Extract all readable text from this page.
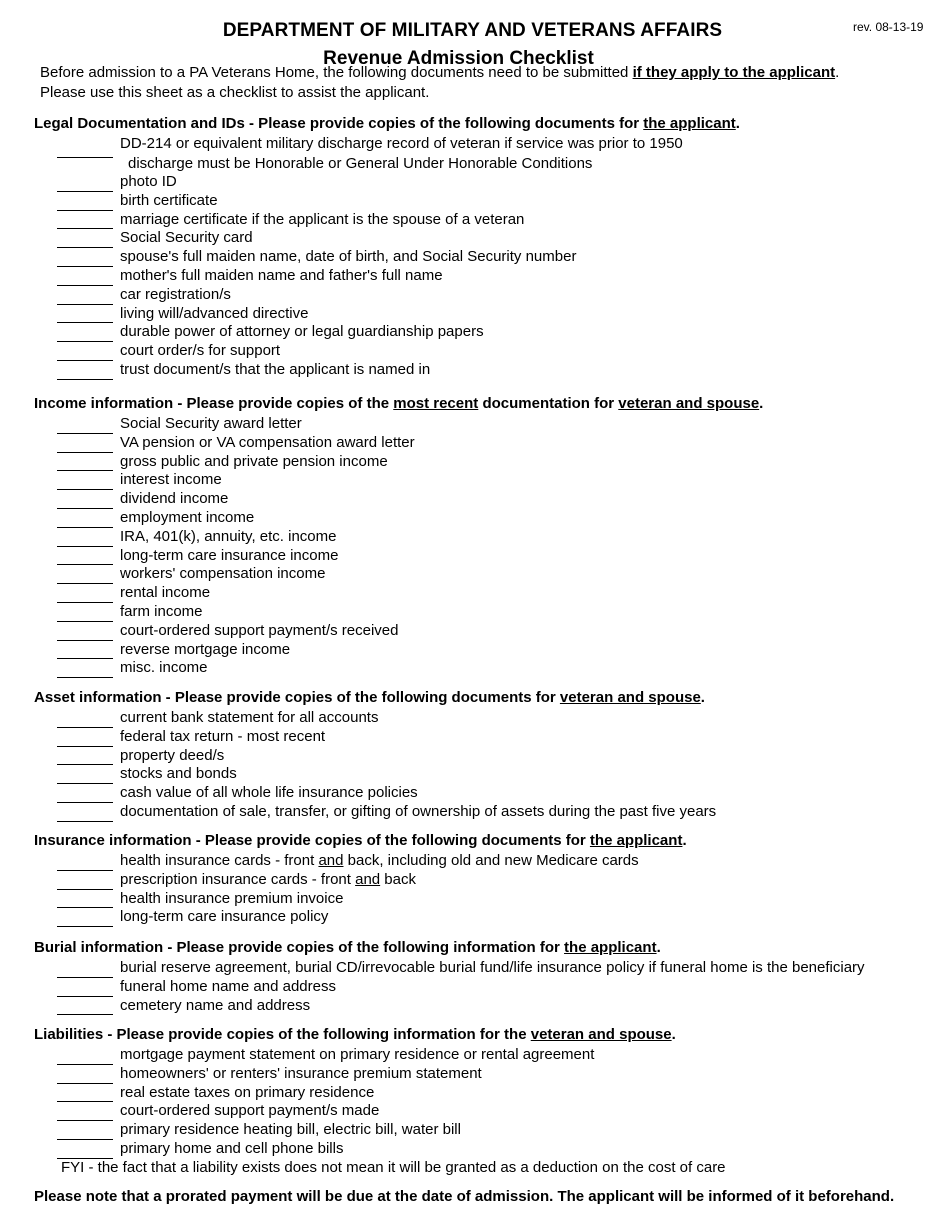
rev. 08-13-19
DEPARTMENT OF MILITARY AND VETERANS AFFAIRS
Revenue Admission Checklist
Before admission to a PA Veterans Home, the following documents need to be submitted if they apply to the applicant.
Please use this sheet as a checklist to assist the applicant.
Legal Documentation and IDs - Please provide copies of the following documents for the applicant.
DD-214 or equivalent military discharge record of veteran if service was prior to 1950
discharge must be Honorable or General Under Honorable Conditions
photo ID
birth certificate
marriage certificate if the applicant is the spouse of a veteran
Social Security card
spouse's full maiden name, date of birth, and Social Security number
mother's full maiden name and father's full name
car registration/s
living will/advanced directive
durable power of attorney or legal guardianship papers
court order/s for support
trust document/s that the applicant is named in
Income information - Please provide copies of the most recent documentation for veteran and spouse.
Social Security award letter
VA pension or VA compensation award letter
gross public and private pension income
interest income
dividend income
employment income
IRA, 401(k), annuity, etc. income
long-term care insurance income
workers' compensation income
rental income
farm income
court-ordered support payment/s received
reverse mortgage income
misc. income
Asset information - Please provide copies of the following documents for veteran and spouse.
current bank statement for all accounts
federal tax return - most recent
property deed/s
stocks and bonds
cash value of all whole life insurance policies
documentation of sale, transfer, or gifting of ownership of assets during the past five years
Insurance information - Please provide copies of the following documents for the applicant.
health insurance cards - front and back, including old and new Medicare cards
prescription insurance cards - front and back
health insurance premium invoice
long-term care insurance policy
Burial information - Please provide copies of the following information for the applicant.
burial reserve agreement, burial CD/irrevocable burial fund/life insurance policy if funeral home is the beneficiary
funeral home name and address
cemetery name and address
Liabilities - Please provide copies of the following information for the veteran and spouse.
mortgage payment statement on primary residence or rental agreement
homeowners' or renters' insurance premium statement
real estate taxes on primary residence
court-ordered support payment/s made
primary residence heating bill, electric bill, water bill
primary home and cell phone bills
FYI - the fact that a liability exists does not mean it will be granted as a deduction on the cost of care
Please note that a prorated payment will be due at the date of admission. The applicant will be informed of it beforehand.
